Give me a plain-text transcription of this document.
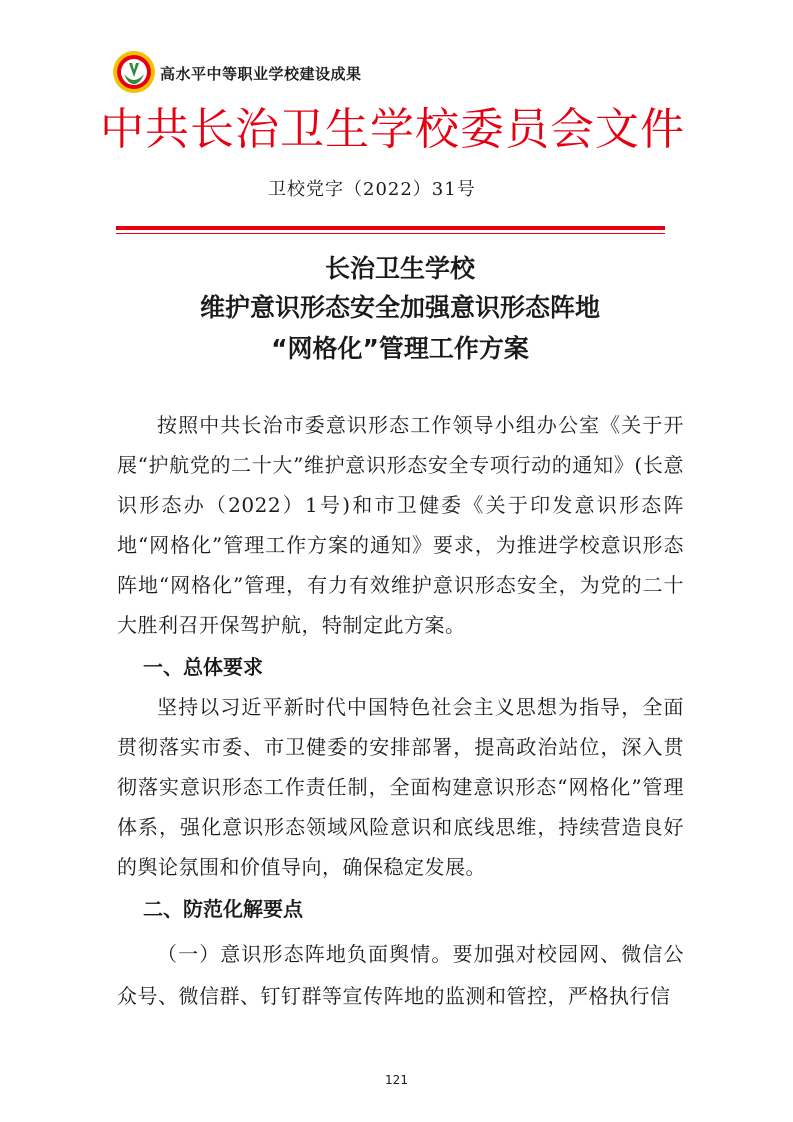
高水平中等职业学校建设成果
中共长治卫生学校委员会文件
卫校党字（2022）31号
长治卫生学校
维护意识形态安全加强意识形态阵地
“网格化”管理工作方案

按照中共长治市委意识形态工作领导小组办公室《关于开展“护航党的二十大”维护意识形态安全专项行动的通知》(长意识形态办（2022）1号)和市卫健委《关于印发意识形态阵地“网格化”管理工作方案的通知》要求，为推进学校意识形态阵地“网格化”管理，有力有效维护意识形态安全，为党的二十大胜利召开保驾护航，特制定此方案。

一、总体要求

坚持以习近平新时代中国特色社会主义思想为指导，全面贯彻落实市委、市卫健委的安排部署，提高政治站位，深入贯彻落实意识形态工作责任制，全面构建意识形态“网格化”管理体系，强化意识形态领域风险意识和底线思维，持续营造良好的舆论氛围和价值导向，确保稳定发展。

二、防范化解要点

（一）意识形态阵地负面舆情。要加强对校园网、微信公众号、微信群、钉钉群等宣传阵地的监测和管控，严格执行信

121
